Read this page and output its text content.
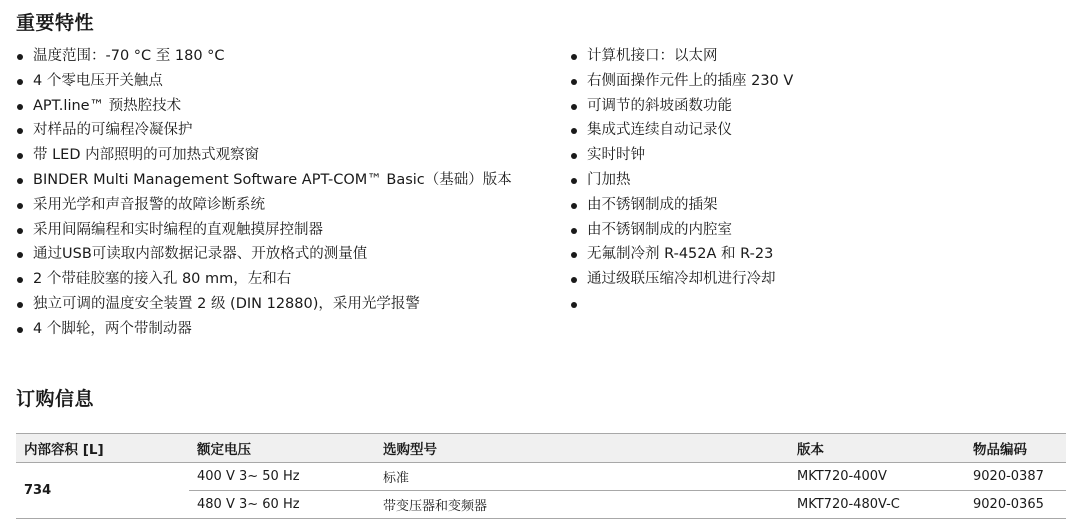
重要特性
温度范围：-70 °C 至 180 °C
4 个零电压开关触点
APT.line™ 预热腔技术
对样品的可编程冷凝保护
带 LED 内部照明的可加热式观察窗
BINDER Multi Management Software APT-COM™ Basic（基础）版本
采用光学和声音报警的故障诊断系统
采用间隔编程和实时编程的直观触摸屏控制器
通过USB可读取内部数据记录器、开放格式的测量值
2 个带硅胶塞的接入孔 80 mm，左和右
独立可调的温度安全装置 2 级 (DIN 12880)，采用光学报警
4 个脚轮，两个带制动器
计算机接口：以太网
右侧面操作元件上的插座 230 V
可调节的斜坡函数功能
集成式连续自动记录仪
实时时钟
门加热
由不锈钢制成的插架
由不锈钢制成的内腔室
无氟制冷剂 R-452A 和 R-23
通过级联压缩冷却机进行冷却
订购信息
内部容积 [L]	额定电压	选购型号	版本	物品编码
734	400 V 3~ 50 Hz	标准	MKT720-400V	9020-0387
	480 V 3~ 60 Hz	带变压器和变频器	MKT720-480V-C	9020-0365
